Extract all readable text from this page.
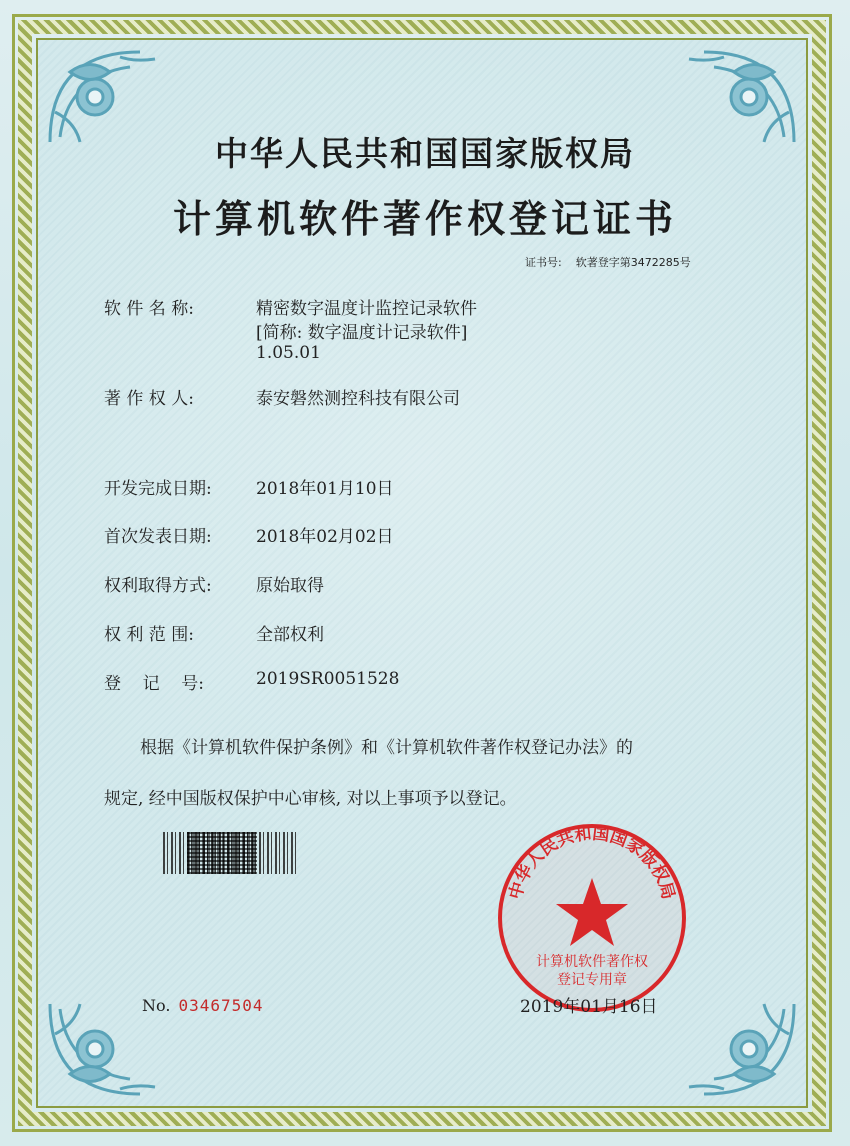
中华人民共和国国家版权局
计算机软件著作权登记证书
证书号: 软著登字第3472285号
软 件 名 称:	精密数字温度计监控记录软件
[简称: 数字温度计记录软件]
1.05.01
著 作 权 人:	泰安磐然测控科技有限公司
开发完成日期:	2018年01月10日
首次发表日期:	2018年02月02日
权利取得方式:	原始取得
权 利 范 围:	全部权利
登    记    号:	2019SR0051528
根据《计算机软件保护条例》和《计算机软件著作权登记办法》的
规定, 经中国版权保护中心审核, 对以上事项予以登记。
中华人民共和国国家版权局
计算机软件著作权
登记专用章
No. 03467504	2019年01月16日
